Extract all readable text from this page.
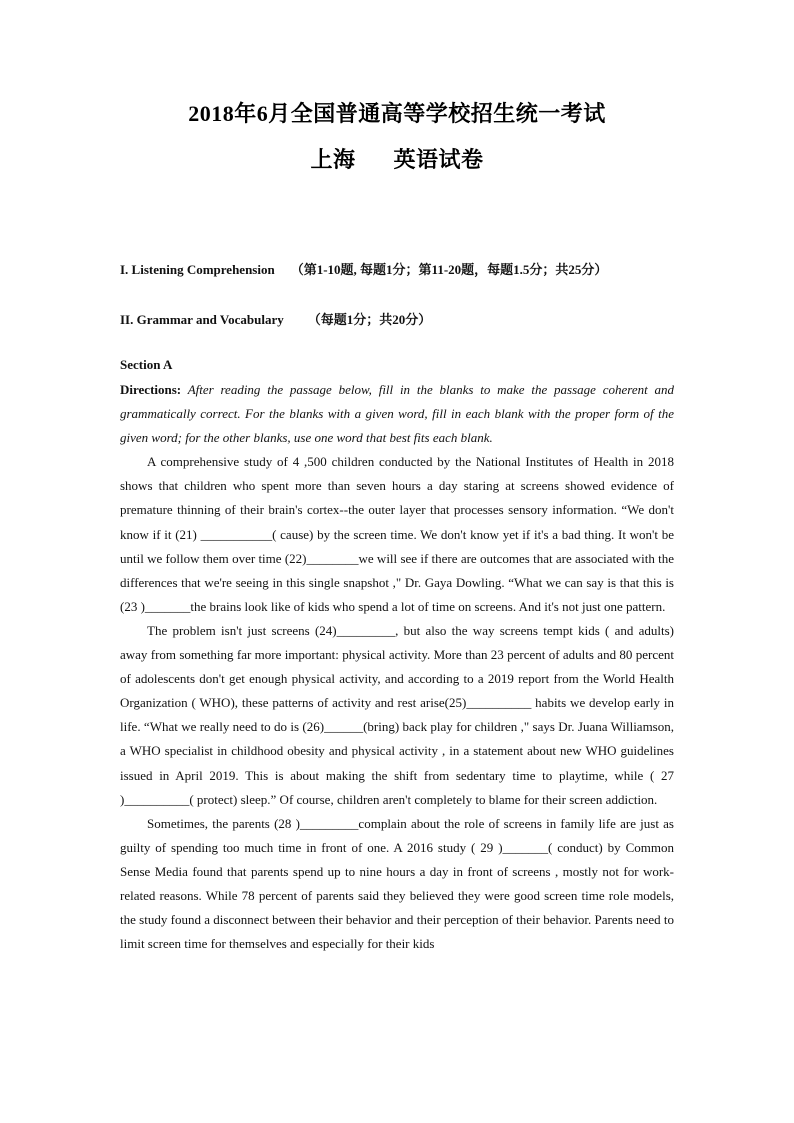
2018年6月全国普通高等学校招生统一考试
上海 英语试卷
I. Listening Comprehension （第1-10题, 每题1分；第11-20题，每题1.5分；共25分）
II. Grammar and Vocabulary （每题1分；共20分）
Section A

Directions: After reading the passage below, fill in the blanks to make the passage coherent and grammatically correct. For the blanks with a given word, fill in each blank with the proper form of the given word; for the other blanks, use one word that best fits each blank.

A comprehensive study of 4 ,500 children conducted by the National Institutes of Health in 2018 shows that children who spent more than seven hours a day staring at screens showed evidence of premature thinning of their brain's cortex--the outer layer that processes sensory information. “We don't know if it (21) ___________( cause) by the screen time. We don't know yet if it's a bad thing. It won't be until we follow them over time (22)________we will see if there are outcomes that are associated with the differences that we're seeing in this single snapshot ," Dr. Gaya Dowling. “What we can say is that this is (23 )_______the brains look like of kids who spend a lot of time on screens. And it's not just one pattern.

The problem isn't just screens (24)_________, but also the way screens tempt kids ( and adults) away from something far more important: physical activity. More than 23 percent of adults and 80 percent of adolescents don't get enough physical activity, and according to a 2019 report from the World Health Organization ( WHO), these patterns of activity and rest arise(25)__________ habits we develop early in life. “What we really need to do is (26)______(bring) back play for children ," says Dr. Juana Williamson, a WHO specialist in childhood obesity and physical activity , in a statement about new WHO guidelines issued in April 2019. This is about making the shift from sedentary time to playtime, while ( 27 )__________( protect) sleep.” Of course, children aren't completely to blame for their screen addiction.

Sometimes, the parents (28 )_________complain about the role of screens in family life are just as guilty of spending too much time in front of one. A 2016 study ( 29 )_______( conduct) by Common Sense Media found that parents spend up to nine hours a day in front of screens , mostly not for work-related reasons. While 78 percent of parents said they believed they were good screen time role models, the study found a disconnect between their behavior and their perception of their behavior. Parents need to limit screen time for themselves and especially for their kids
